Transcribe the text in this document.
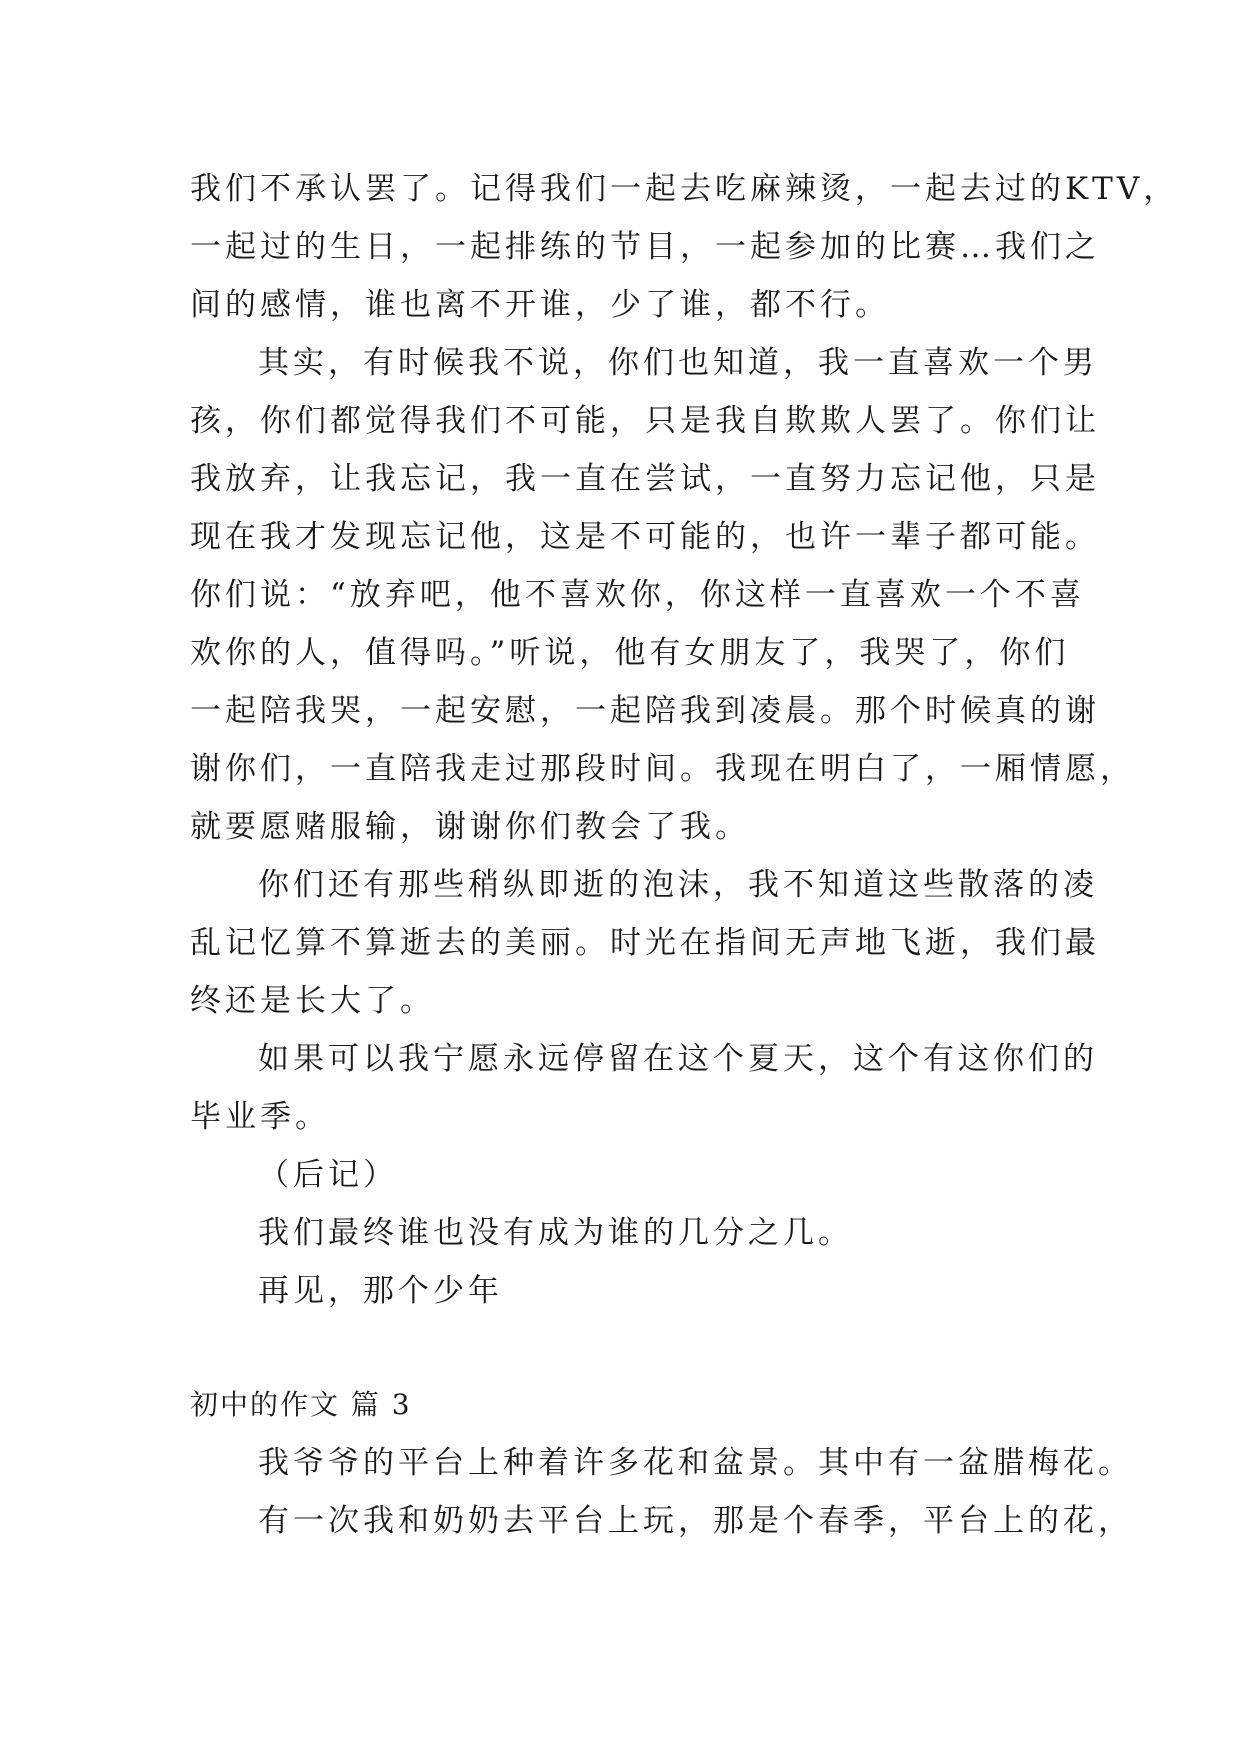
我们不承认罢了。记得我们一起去吃麻辣烫，一起去过的KTV，
一起过的生日，一起排练的节目，一起参加的比赛…我们之
间的感情，谁也离不开谁，少了谁，都不行。
其实，有时候我不说，你们也知道，我一直喜欢一个男
孩，你们都觉得我们不可能，只是我自欺欺人罢了。你们让
我放弃，让我忘记，我一直在尝试，一直努力忘记他，只是
现在我才发现忘记他，这是不可能的，也许一辈子都可能。
你们说：“放弃吧，他不喜欢你，你这样一直喜欢一个不喜
欢你的人，值得吗。”听说，他有女朋友了，我哭了，你们
一起陪我哭，一起安慰，一起陪我到凌晨。那个时候真的谢
谢你们，一直陪我走过那段时间。我现在明白了，一厢情愿，
就要愿赌服输，谢谢你们教会了我。
你们还有那些稍纵即逝的泡沫，我不知道这些散落的凌
乱记忆算不算逝去的美丽。时光在指间无声地飞逝，我们最
终还是长大了。
如果可以我宁愿永远停留在这个夏天，这个有这你们的
毕业季。
（后记）
我们最终谁也没有成为谁的几分之几。
再见，那个少年
初中的作文 篇 3
我爷爷的平台上种着许多花和盆景。其中有一盆腊梅花。
有一次我和奶奶去平台上玩，那是个春季，平台上的花，
